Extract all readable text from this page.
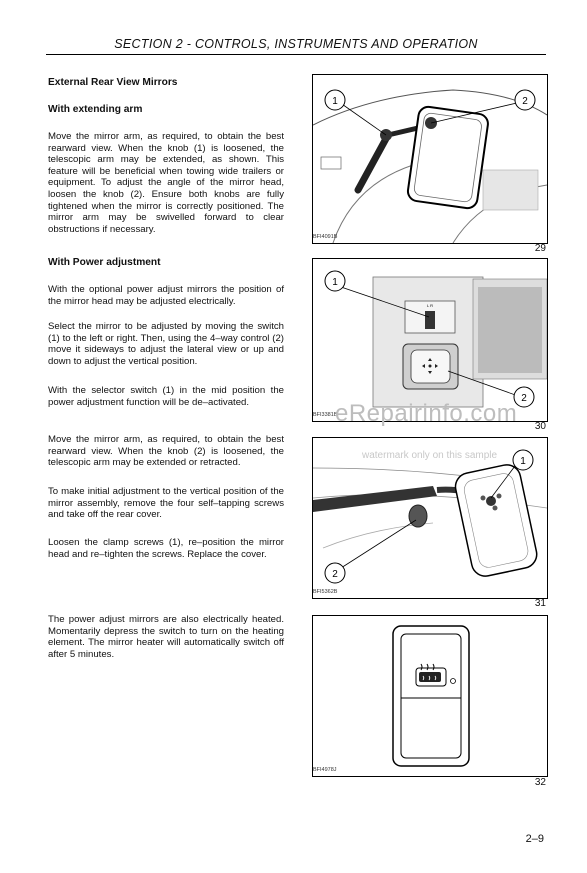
SECTION 2 - CONTROLS, INSTRUMENTS AND OPERATION
External Rear View Mirrors
With extending arm
Move the mirror arm, as required, to obtain the best rearward view. When the knob (1) is loosened, the telescopic arm may be extended, as shown. This feature will be beneficial when towing wide trailers or equipment. To adjust the angle of the mirror head, loosen the knob (2). Ensure both knobs are fully tightened when the mirror is correctly positioned. The mirror arm may be swivelled forward to clear obstructions if necessary.
With Power adjustment
With the optional power adjust mirrors the position of the mirror head may be adjusted electrically.
Select the mirror to be adjusted by moving the switch (1) to the left or right. Then, using the 4–way control (2) move it sideways to adjust the lateral view or up and down to adjust the vertical position.
With the selector switch (1) in the mid position the power adjustment function will be de–activated.
Move the mirror arm, as required, to obtain the best rearward view. When the knob (2) is loosened, the telescopic arm may be extended or retracted.
To make initial adjustment to the vertical position of the mirror assembly, remove the four self–tapping screws and take off the rear cover.
Loosen the clamp screws (1), re–position the mirror head and re–tighten the screws. Replace the cover.
The power adjust mirrors are also electrically heated. Momentarily depress the switch to turn on the heating element. The mirror heater will automatically switch off after 5 minutes.
1	2
BFI4091B
29
L R
1
2
BFI3381B
30
1
2
BFI5362B
31
BFI4978J
32
eRepairinfo.com
watermark only on this sample
2–9
